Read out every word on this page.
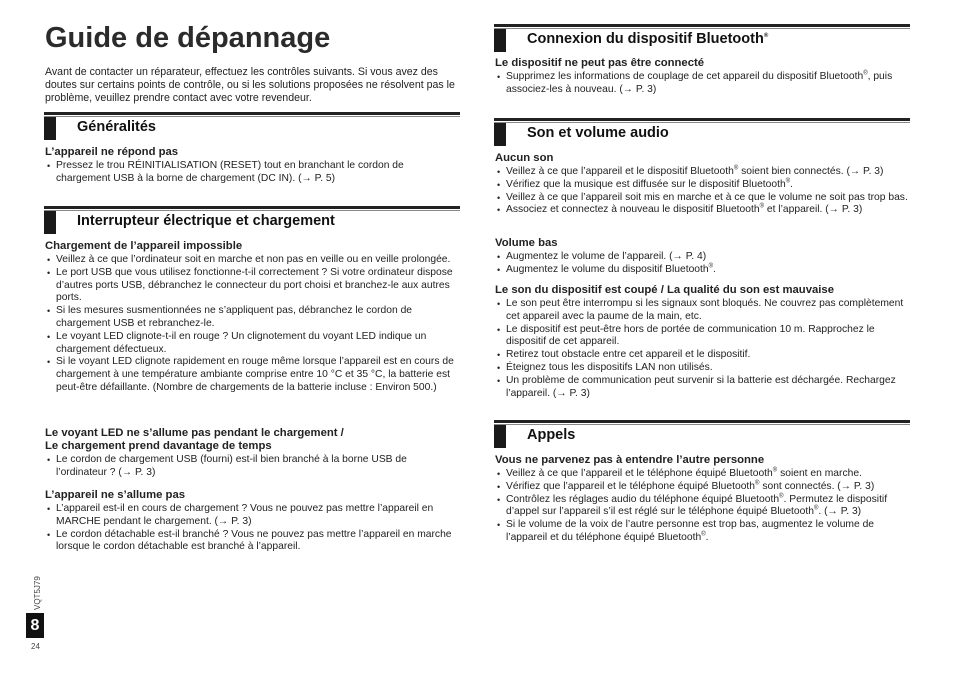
Guide de dépannage

Avant de contacter un réparateur, effectuez les contrôles suivants. Si vous avez des doutes sur certains points de contrôle, ou si les solutions proposées ne résolvent pas le problème, veuillez prendre contact avec votre revendeur.

Généralités

L’appareil ne répond pas

• Pressez le trou RÉINITIALISATION (RESET) tout en branchant le cordon de chargement USB à la borne de chargement (DC IN). (→ P. 5)
Interrupteur électrique et chargement

Chargement de l’appareil impossible

• Veillez à ce que l’ordinateur soit en marche et non pas en veille ou en veille prolongée.
• Le port USB que vous utilisez fonctionne-t-il correctement ? Si votre ordinateur dispose d’autres ports USB, débranchez le connecteur du port choisi et branchez-le aux autres ports.
• Si les mesures susmentionnées ne s’appliquent pas, débranchez le cordon de chargement USB et rebranchez-le.
• Le voyant LED clignote-t-il en rouge ? Un clignotement du voyant LED indique un chargement défectueux.
• Si le voyant LED clignote rapidement en rouge même lorsque l’appareil est en cours de chargement à une température ambiante comprise entre 10 °C et 35 °C, la batterie est peut-être défaillante. (Nombre de chargements de la batterie incluse : Environ 500.)

Le voyant LED ne s’allume pas pendant le chargement /

Le chargement prend davantage de temps

• Le cordon de chargement USB (fourni) est-il bien branché à la borne USB de l’ordinateur ? (→ P. 3)

L’appareil ne s’allume pas

• L’appareil est-il en cours de chargement ? Vous ne pouvez pas mettre l’appareil en MARCHE pendant le chargement. (→ P. 3)
• Le cordon détachable est-il branché ? Vous ne pouvez pas mettre l’appareil en marche lorsque le cordon détachable est branché à l’appareil.
Connexion du dispositif Bluetooth®

Le dispositif ne peut pas être connecté

• Supprimez les informations de couplage de cet appareil du dispositif Bluetooth®, puis associez-les à nouveau. (→ P. 3)
Son et volume audio

Aucun son

• Veillez à ce que l’appareil et le dispositif Bluetooth® soient bien connectés. (→ P. 3)
• Vérifiez que la musique est diffusée sur le dispositif Bluetooth®.
• Veillez à ce que l’appareil soit mis en marche et à ce que le volume ne soit pas trop bas.
• Associez et connectez à nouveau le dispositif Bluetooth® et l’appareil. (→ P. 3)

Volume bas

• Augmentez le volume de l’appareil. (→ P. 4)
• Augmentez le volume du dispositif Bluetooth®.

Le son du dispositif est coupé / La qualité du son est mauvaise

• Le son peut être interrompu si les signaux sont bloqués. Ne couvrez pas complètement cet appareil avec la paume de la main, etc.
• Le dispositif est peut-être hors de portée de communication 10 m. Rapprochez le dispositif de cet appareil.
• Retirez tout obstacle entre cet appareil et le dispositif.
• Éteignez tous les dispositifs LAN non utilisés.
• Un problème de communication peut survenir si la batterie est déchargée. Rechargez l’appareil. (→ P. 3)
Appels

Vous ne parvenez pas à entendre l’autre personne

• Veillez à ce que l’appareil et le téléphone équipé Bluetooth® soient en marche.
• Vérifiez que l’appareil et le téléphone équipé Bluetooth® sont connectés. (→ P. 3)
• Contrôlez les réglages audio du téléphone équipé Bluetooth®. Permutez le dispositif d’appel sur l’appareil s’il est réglé sur le téléphone équipé Bluetooth®. (→ P. 3)
• Si le volume de la voix de l’autre personne est trop bas, augmentez le volume de l’appareil et du téléphone équipé Bluetooth®.
VQT5J79
8
24
